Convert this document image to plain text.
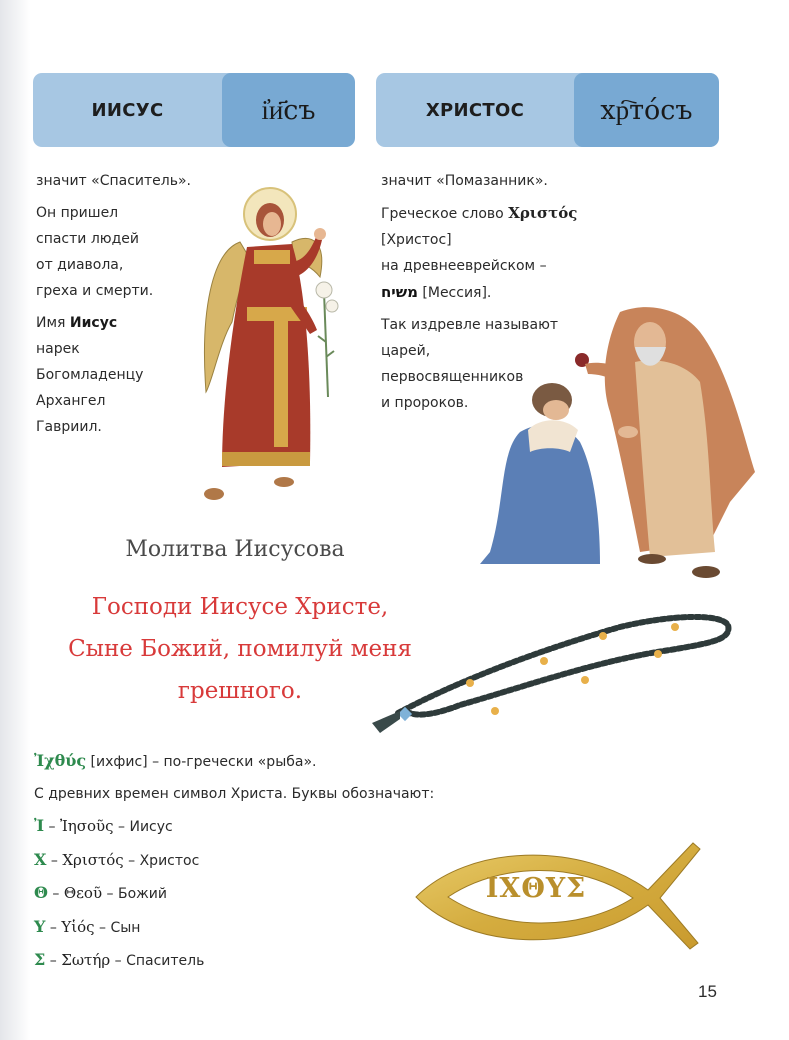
ИИСУС	і҆и҃съ	ХРИСТОС	хр҇то́съ

значит «Спаситель».

Он пришел

спасти людей

от диавола,

греха и смерти.

Имя Иисус

нарек

Богомладенцу

Архангел

Гавриил.

значит «Помазанник».

Греческое слово Χριστός [Христос]

на древнееврейском –

משיח [Мессия].

Так издревле называют

царей,

первосвященников

и пророков.

Молитва Иисусова
Господи Иисусе Христе,
Сыне Божий, помилуй меня
грешного.

Ἰχθύς [ихфис] – по-гречески «рыба».

С древних времен символ Христа. Буквы обозначают:

Ἰ – Ἰησοῦς – Иисус

Χ – Χριστός – Христос

Θ – Θεοῦ – Божий

Υ – Υἱός – Сын

Σ – Σωτήρ – Спаситель

ΙΧΘΥΣ
15
